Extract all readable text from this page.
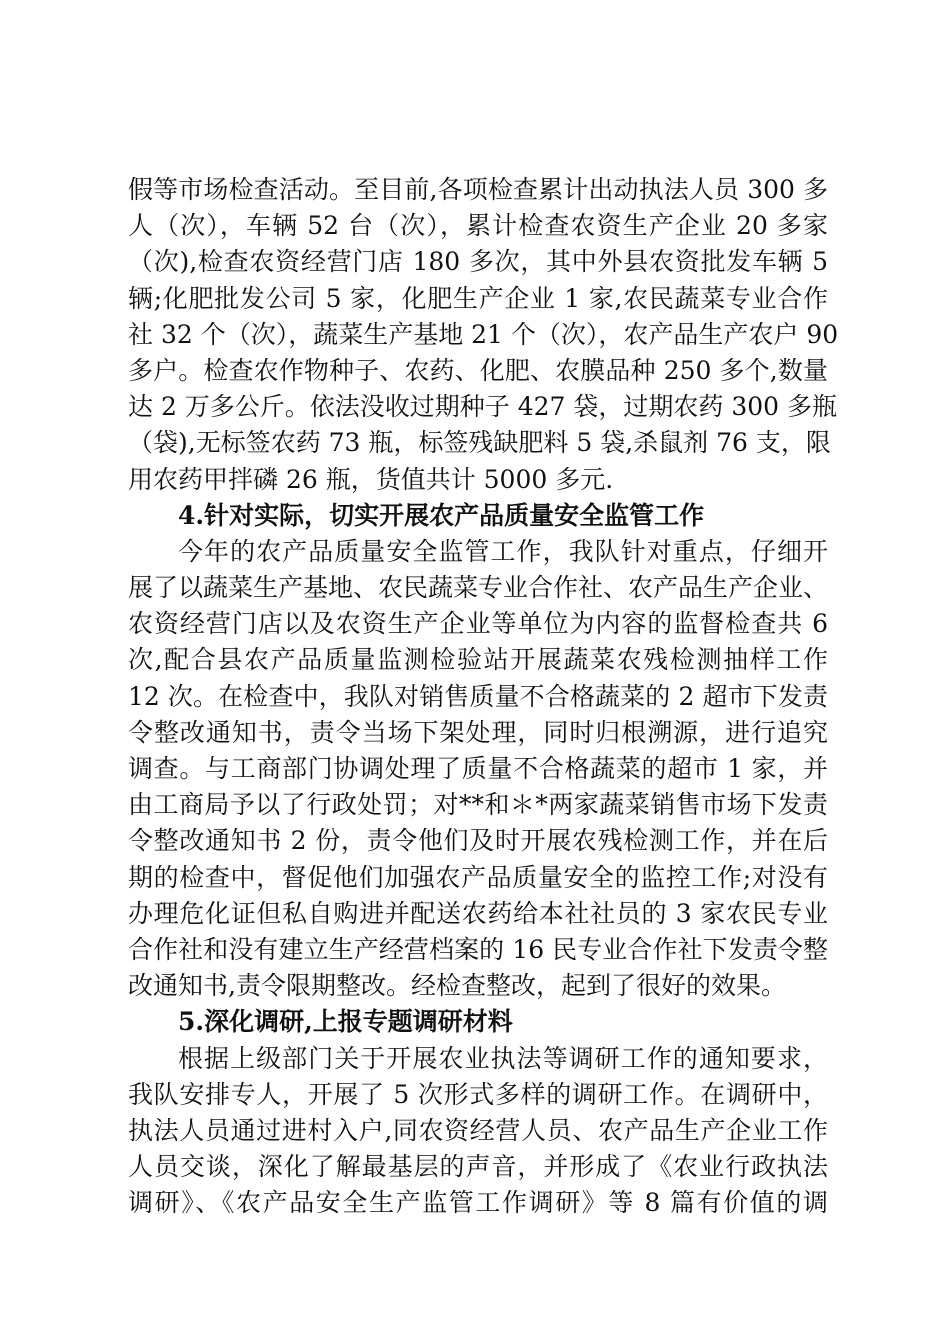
假等市场检查活动。至目前,各项检查累计出动执法人员 300 多
人（次），车辆 52 台（次），累计检查农资生产企业 20 多家
（次),检查农资经营门店 180 多次，其中外县农资批发车辆 5
辆;化肥批发公司 5 家，化肥生产企业 1 家,农民蔬菜专业合作
社 32 个（次），蔬菜生产基地 21 个（次），农产品生产农户 90
多户。检查农作物种子、农药、化肥、农膜品种 250 多个,数量
达 2 万多公斤。依法没收过期种子 427 袋，过期农药 300 多瓶
（袋),无标签农药 73 瓶，标签残缺肥料 5 袋,杀鼠剂 76 支，限
用农药甲拌磷 26 瓶，货值共计 5000 多元.
4.针对实际，切实开展农产品质量安全监管工作
今年的农产品质量安全监管工作，我队针对重点，仔细开
展了以蔬菜生产基地、农民蔬菜专业合作社、农产品生产企业、
农资经营门店以及农资生产企业等单位为内容的监督检查共 6
次,配合县农产品质量监测检验站开展蔬菜农残检测抽样工作
12 次。在检查中，我队对销售质量不合格蔬菜的 2 超市下发责
令整改通知书，责令当场下架处理，同时归根溯源，进行追究
调查。与工商部门协调处理了质量不合格蔬菜的超市 1 家，并
由工商局予以了行政处罚；对**和＊*两家蔬菜销售市场下发责
令整改通知书 2 份，责令他们及时开展农残检测工作，并在后
期的检查中，督促他们加强农产品质量安全的监控工作;对没有
办理危化证但私自购进并配送农药给本社社员的 3 家农民专业
合作社和没有建立生产经营档案的 16 民专业合作社下发责令整
改通知书,责令限期整改。经检查整改，起到了很好的效果。
5.深化调研,上报专题调研材料
根据上级部门关于开展农业执法等调研工作的通知要求，
我队安排专人，开展了 5 次形式多样的调研工作。在调研中，
执法人员通过进村入户,同农资经营人员、农产品生产企业工作
人员交谈，深化了解最基层的声音，并形成了《农业行政执法
调研》、《农产品安全生产监管工作调研》等 8 篇有价值的调
